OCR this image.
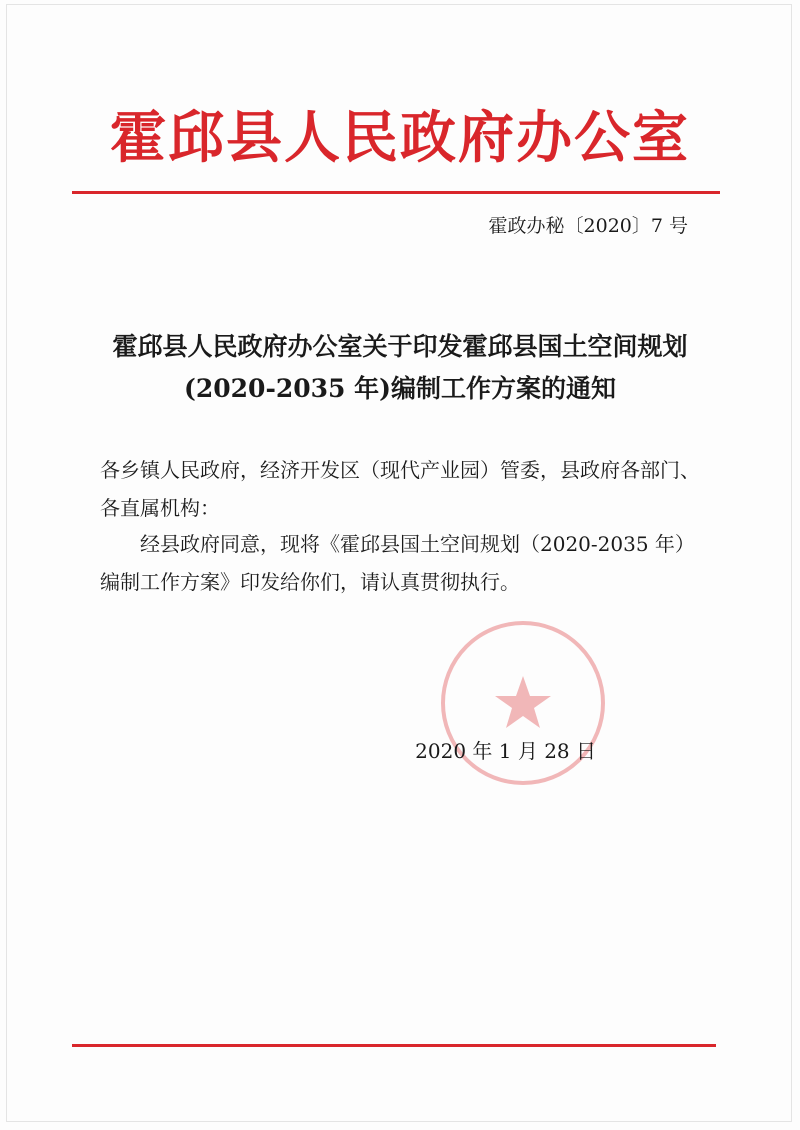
霍邱县人民政府办公室
霍政办秘〔2020〕7 号
霍邱县人民政府办公室关于印发霍邱县国土空间规划
(2020-2035 年)编制工作方案的通知
各乡镇人民政府，经济开发区（现代产业园）管委，县政府各部门、各直属机构：
经县政府同意，现将《霍邱县国土空间规划（2020-2035 年）编制工作方案》印发给你们，请认真贯彻执行。
2020 年 1 月 28 日
